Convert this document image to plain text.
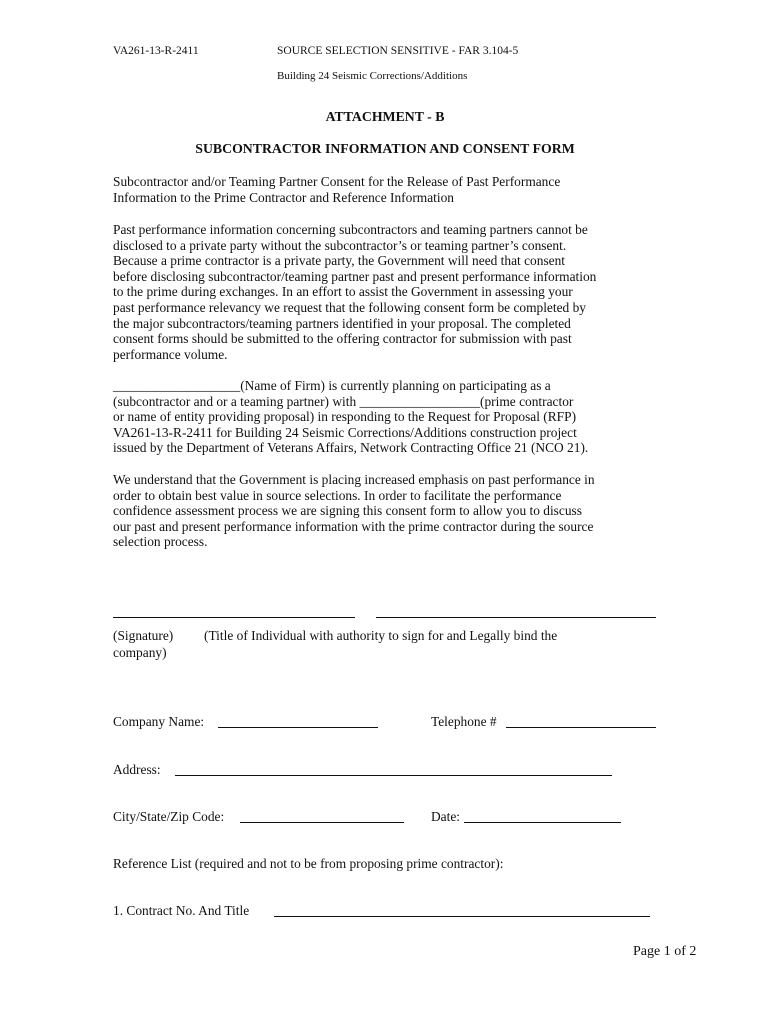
VA261-13-R-2411	SOURCE SELECTION SENSITIVE - FAR 3.104-5
Building 24 Seismic Corrections/Additions
ATTACHMENT - B
SUBCONTRACTOR INFORMATION AND CONSENT FORM
Subcontractor and/or Teaming Partner Consent for the Release of Past Performance
Information to the Prime Contractor and Reference Information
Past performance information concerning subcontractors and teaming partners cannot be
disclosed to a private party without the subcontractor’s or teaming partner’s consent.
Because a prime contractor is a private party, the Government will need that consent
before disclosing subcontractor/teaming partner past and present performance information
to the prime during exchanges. In an effort to assist the Government in assessing your
past performance relevancy we request that the following consent form be completed by
the major subcontractors/teaming partners identified in your proposal. The completed
consent forms should be submitted to the offering contractor for submission with past
performance volume.
___________________(Name of Firm) is currently planning on participating as a
(subcontractor and or a teaming partner) with __________________(prime contractor
or name of entity providing proposal) in responding to the Request for Proposal (RFP)
VA261-13-R-2411 for Building 24 Seismic Corrections/Additions construction project
issued by the Department of Veterans Affairs, Network Contracting Office 21 (NCO 21).
We understand that the Government is placing increased emphasis on past performance in
order to obtain best value in source selections. In order to facilitate the performance
confidence assessment process we are signing this consent form to allow you to discuss
our past and present performance information with the prime contractor during the source
selection process.
(Signature) (Title of Individual with authority to sign for and Legally bind the
company)
Company Name:	Telephone #
Address:
City/State/Zip Code:	Date:
Reference List (required and not to be from proposing prime contractor):
1. Contract No. And Title
Page 1 of 2
